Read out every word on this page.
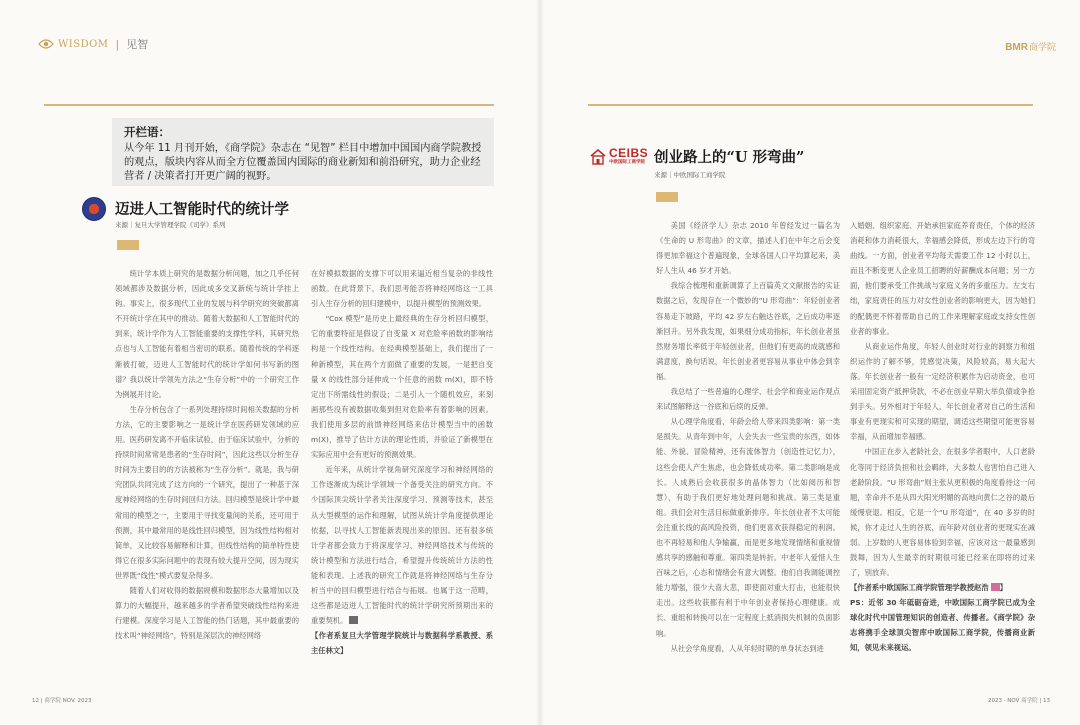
WISDOM | 见智	BMR商学院
开栏语：
从今年 11 月刊开始，《商学院》杂志在 “见智” 栏目中增加中国国内商学院教授的观点，版块内容从而全方位覆盖国内国际的商业新知和前沿研究，助力企业经营者 / 决策者打开更广阔的视野。
迈进人工智能时代的统计学
来源｜复旦大学管理学院《司学》系列

统计学本质上研究的是数据分析问题，加之几乎任何领域都涉及数据分析，因此成多交叉新统与统计学挂上钩。事实上，很多现代工业的发展与科学研究的突破都离不开统计学在其中的推动。随着大数据和人工智能时代的到来，统计学作为人工智能重要的支撑性学科，其研究热点也与人工智能有着相当密切的联系。随着传统的学科逐渐被打破，迈进人工智能时代的统计学如何书写新的图谱？我以统计学领先方法之“生存分析”中的一个研究工作为例展开讨论。

生存分析包含了一系列处理持续时间相关数据的分析方法，它的主要影响之一是统计学在医药研发领域的应用。医药研发离不开临床试验，由于临床试验中，分析的持续时间常常是患者的“生存时间”，因此这些以分析生存时间为主要目的的方法被称为“生存分析”。就是，我与研究团队共同完成了这方向的一个研究，提出了一种基于深度神经网络的生存时间回归方法。回归模型是统计学中最常用的模型之一，主要用于寻找变量间的关系，还可用于预测，其中最常用的是线性回归模型，因为线性结构相对简单，又比较容易解释和计算，但线性结构的简单特性使得它在很多实际问题中的表现有较大提升空间，因为现实世界既“线性”模式要复杂得多。

随着人们对收得的数据规模和数据形态大量增加以及算力的大幅提升，越来越多的学者希望突破线性结构来进行建模。深度学习是人工智能的热门话题，其中最重要的技术叫“神经网络”，特别是深层次的神经网络

在好模拟数据的支撑下可以用来逼近相当复杂的非线性函数。在此背景下，我们思考能否将神经网络这一工具引入生存分析的回归建模中，以提升模型的预测效果。

“Cox 模型”是历史上最经典的生存分析回归模型，它的重要特征是假设了自变量 X 对危险率函数的影响结构是一个线性结构。在经典模型基础上，我们提出了一种新模型，其在两个方面做了重要的发展，一是把自变量 X 的线性部分延伸成一个任意的函数 m(X)，即不特定出下所需线性的假设；二是引入一个随机效应，来刻画那些没有被数据收集到但对危险率有着影响的因素。我们使用多层的前馈神经网络来估计模型当中的函数 m(X)，推导了估计方法的理论性质，并验证了新模型在实际应用中会有更好的预测效果。

近年来，从统计学视角研究深度学习和神经网络的工作逐渐成为统计学领域一个备受关注的研究方向。不少国际顶尖统计学者关注深度学习、预测等技术，甚至从大型模型的运作和理解，试图从统计学角度提供理论依据，以寻找人工智能新表现出来的原因。还有很多统计学者都会致力于将深度学习、神经网络技术与传统的统计模型和方法进行结合，希望提升传统统计方法的性能和表现。上述我的研究工作就是将神经网络与生存分析当中的回归模型进行结合与拓展。也属于这一范畴，这些都是迈进人工智能时代的统计学研究所预期出来的重要契机。

【作者系复旦大学管理学院统计与数据科学系教授、系主任林文】
CEIBS
中欧国际工商学院 创业路上的“U 形弯曲”
来源｜中欧国际工商学院

美国《经济学人》杂志 2010 年曾经发过一篇名为《生命的 U 形弯曲》的文章，描述人们在中年之后会变得更加幸福这个普遍现象，全球各国人口平均算起来，美好人生从 46 岁才开始。

我综合梳理和重新调算了上百篇英文文献报告的实证数据之后，发现存在一个微妙的“U 形弯曲”：年轻创业者容易走下坡路，平均 42 岁左右触达谷底，之后成功率逐渐回升。另外我发现，如果细分成功指标，年长创业者虽然财务增长率低于年轻创业者，但他们有更高的成就感和满意度，换句话说，年长创业者更容易从事业中体会到幸福。

我总结了一些普遍的心理学、社会学和商业运作观点来试图解释这一谷底和后续的反弹。

从心理学角度看，年龄会给人带来四类影响：第一类是损失。从青年到中年，人会失去一些宝贵的东西，如体能、外貌、冒险精神，还有流体智力（创造性记忆力），这些会使人产生焦虑，也会降低成功率。第二类影响是成长。人成熟后会收获很多的晶体智力（比如阅历和智慧），有助于我们更好地处理问题和挑战。第三类是重组。我们会对生活目标做重新排序。年长创业者不太可能会注重长线的高风险投资，他们更喜欢获得稳定的利润。也不再轻易和他人争输赢，而是更多地发现情绪和重视情感共享的感触和尊重。第四类是转折。中老年人爱惜人生百味之后，心态和情绪会有意大调整。他们自我调能调控能力增强，很少大喜大悲，即使面对重大打击，也能很快走出。这些收获都有利于中年创业者保持心理健康。成长、重组和转换可以在一定程度上抵消损失机制的负面影响。

从社会学角度看，人从年轻时期的单身状态到进

入婚姻、组织家庭、开始承担家庭养育责任，个体的经济消耗和体力消耗很大，幸福感会降低，形成左边下行的弯曲线。一方面，创业者平均每天需要工作 12 小时以上，而且不断变更人企业员工招聘的好薪酬成本问题；另一方面，他们要承受工作挑战与家庭义务的多重压力。左支右绌，家庭责任的压力对女性创业者的影响更大，因为她们的配偶更不怀着帮助自己的工作来理解家庭或支持女性创业者的事业。

从商业运作角度，年轻人创业时对行业的洞察力和组织运作的了解不够，凭感觉决策，风险较高，易大起大落。年长创业者一般有一定经济积累作为启动资金，也可采用固定资产抵押贷款，不必在创业早期大举负债或争抢到手头。另外相对于年轻人，年长创业者对自己的生活和事业有更现实和可实现的期望，调适这些期望可能更容易幸福，从而增加幸福感。

中国正在步入老龄社会，在很多学者眼中，人口老龄化等同于经济负担和社会羁绊，大多数人也害怕自己进入老龄阶段。“U 形弯曲”则主张从更积极的角度看待这一问题，幸命并不是从四大阳光明媚的高地向黄仁之谷的最后缓慢衰退。相反，它是一个“U 形弯道”，在 40 多岁的时候，你才走过人生的谷底，而年龄对创业者的更现实在减弱。上岁数的人更容易体验到幸福，应该对这一最量感到鼓舞，因为人生最幸的时期很可能已经来在即将的过来了，别放弃。

【作者系中欧国际工商学院管理学教授赵浩 】
PS：近邻 30 年砥砺奋进，中欧国际工商学院已成为全球化时代中国管理知识的创造者、传播者。《商学院》杂志将携手全球顶尖智库中欧国际工商学院，传播商业新知，领见未来视运。
12 | 商学院 NOV. 2023	2023 · NOV 商学院 | 13
